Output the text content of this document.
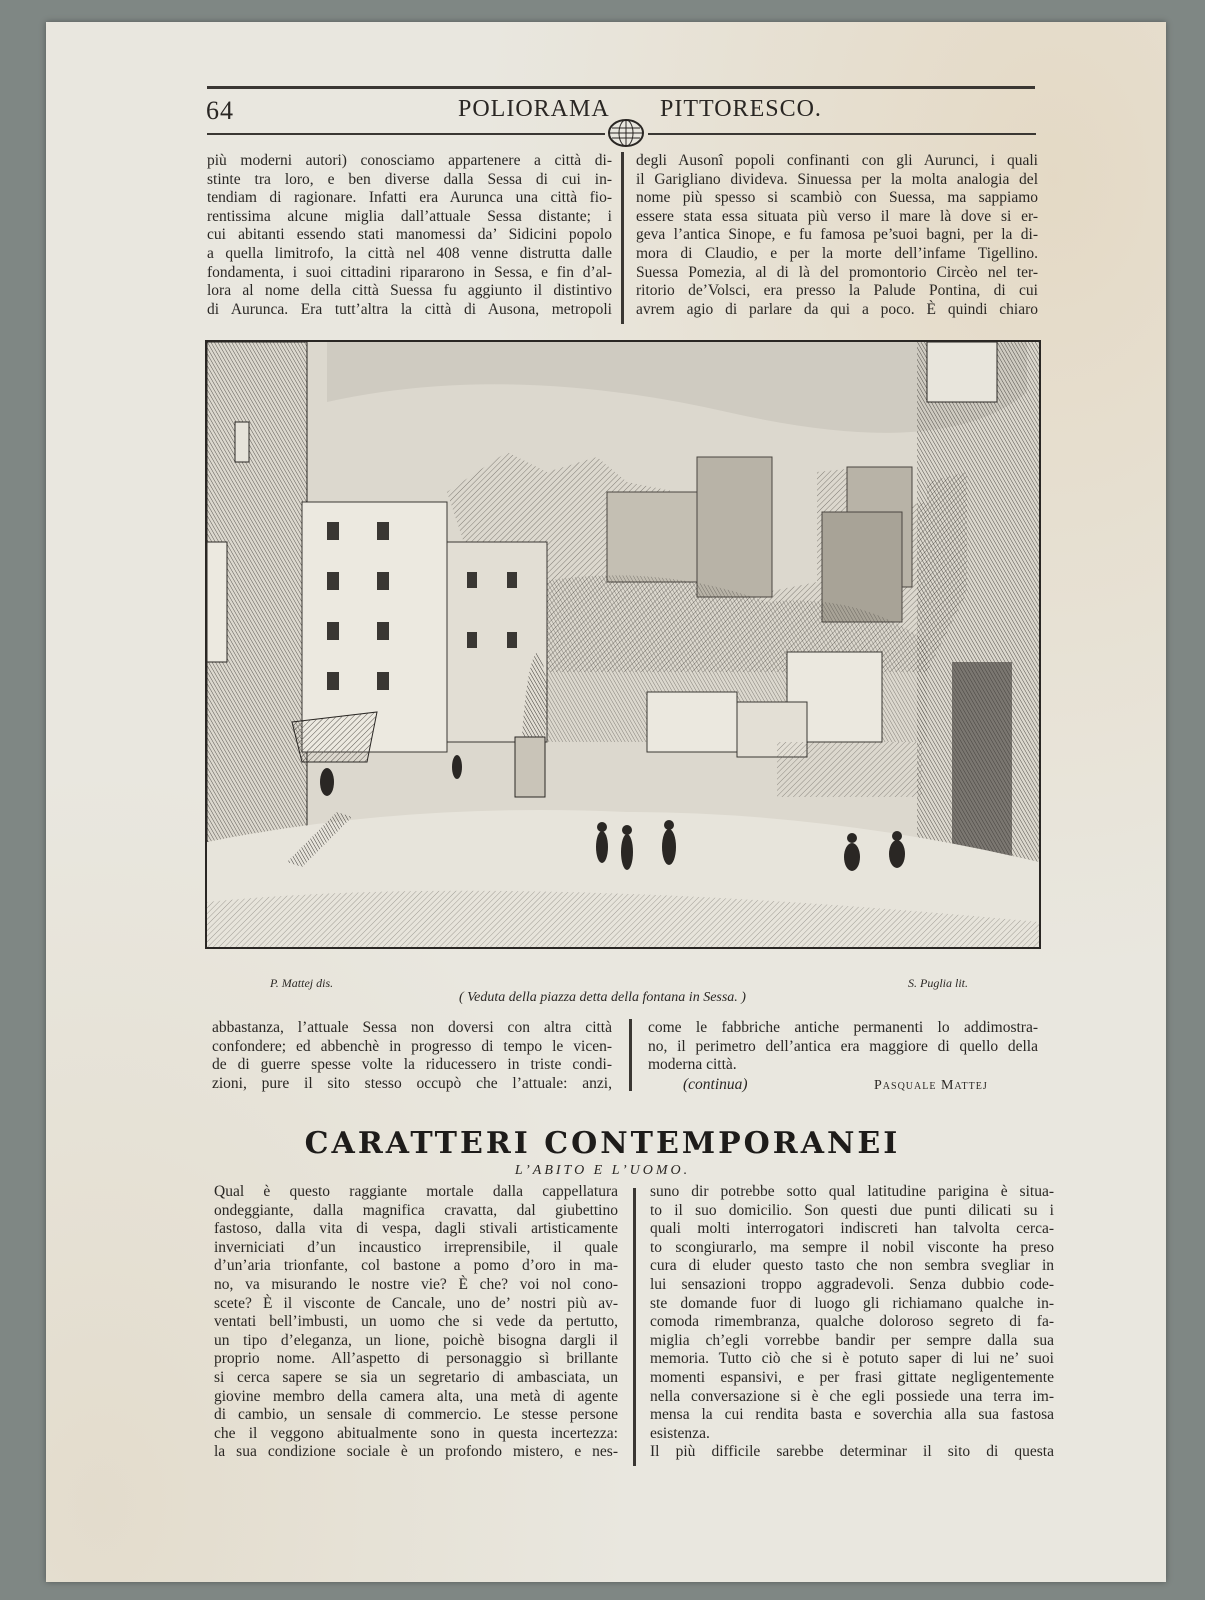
64	POLIORAMA PITTORESCO.

più moderni autori) conosciamo appartenere a città di-

stinte tra loro, e ben diverse dalla Sessa di cui in-

tendiam di ragionare. Infatti era Aurunca una città fio-

rentissima alcune miglia dall’attuale Sessa distante; i

cui abitanti essendo stati manomessi da’ Sidicini popolo

a quella limitrofo, la città nel 408 venne distrutta dalle

fondamenta, i suoi cittadini ripararono in Sessa, e fin d’al-

lora al nome della città Suessa fu aggiunto il distintivo

di Aurunca. Era tutt’altra la città di Ausona, metropoli

degli Ausonî popoli confinanti con gli Aurunci, i quali

il Garigliano divideva. Sinuessa per la molta analogia del

nome più spesso si scambiò con Suessa, ma sappiamo

essere stata essa situata più verso il mare là dove si er-

geva l’antica Sinope, e fu famosa pe’suoi bagni, per la di-

mora di Claudio, e per la morte dell’infame Tigellino.

Suessa Pomezia, al di là del promontorio Circèo nel ter-

ritorio de’Volsci, era presso la Palude Pontina, di cui

avrem agio di parlare da qui a poco. È quindi chiaro

P. Mattej dis.	S. Puglia lit.
( Veduta della piazza detta della fontana in Sessa. )

abbastanza, l’attuale Sessa non doversi con altra città

confondere; ed abbenchè in progresso di tempo le vicen-

de di guerre spesse volte la riducessero in triste condi-

zioni, pure il sito stesso occupò che l’attuale: anzi,

come le fabbriche antiche permanenti lo addimostra-

no, il perimetro dell’antica era maggiore di quello della

moderna città.

(continua)	Pasquale Mattej
CARATTERI CONTEMPORANEI
L’ABITO E L’UOMO.

Qual è questo raggiante mortale dalla cappellatura

ondeggiante, dalla magnifica cravatta, dal giubettino

fastoso, dalla vita di vespa, dagli stivali artisticamente

inverniciati d’un incaustico irreprensibile, il quale

d’un’aria trionfante, col bastone a pomo d’oro in ma-

no, va misurando le nostre vie? È che? voi nol cono-

scete? È il visconte de Cancale, uno de’ nostri più av-

ventati bell’imbusti, un uomo che si vede da pertutto,

un tipo d’eleganza, un lione, poichè bisogna dargli il

proprio nome. All’aspetto di personaggio sì brillante

si cerca sapere se sia un segretario di ambasciata, un

giovine membro della camera alta, una metà di agente

di cambio, un sensale di commercio. Le stesse persone

che il veggono abitualmente sono in questa incertezza:

la sua condizione sociale è un profondo mistero, e nes-

suno dir potrebbe sotto qual latitudine parigina è situa-

to il suo domicilio. Son questi due punti dilicati su i

quali molti interrogatori indiscreti han talvolta cerca-

to scongiurarlo, ma sempre il nobil visconte ha preso

cura di eluder questo tasto che non sembra svegliar in

lui sensazioni troppo aggradevoli. Senza dubbio code-

ste domande fuor di luogo gli richiamano qualche in-

comoda rimembranza, qualche doloroso segreto di fa-

miglia ch’egli vorrebbe bandir per sempre dalla sua

memoria. Tutto ciò che si è potuto saper di lui ne’ suoi

momenti espansivi, e per frasi gittate negligentemente

nella conversazione si è che egli possiede una terra im-

mensa la cui rendita basta e soverchia alla sua fastosa

esistenza.

Il più difficile sarebbe determinar il sito di questa
